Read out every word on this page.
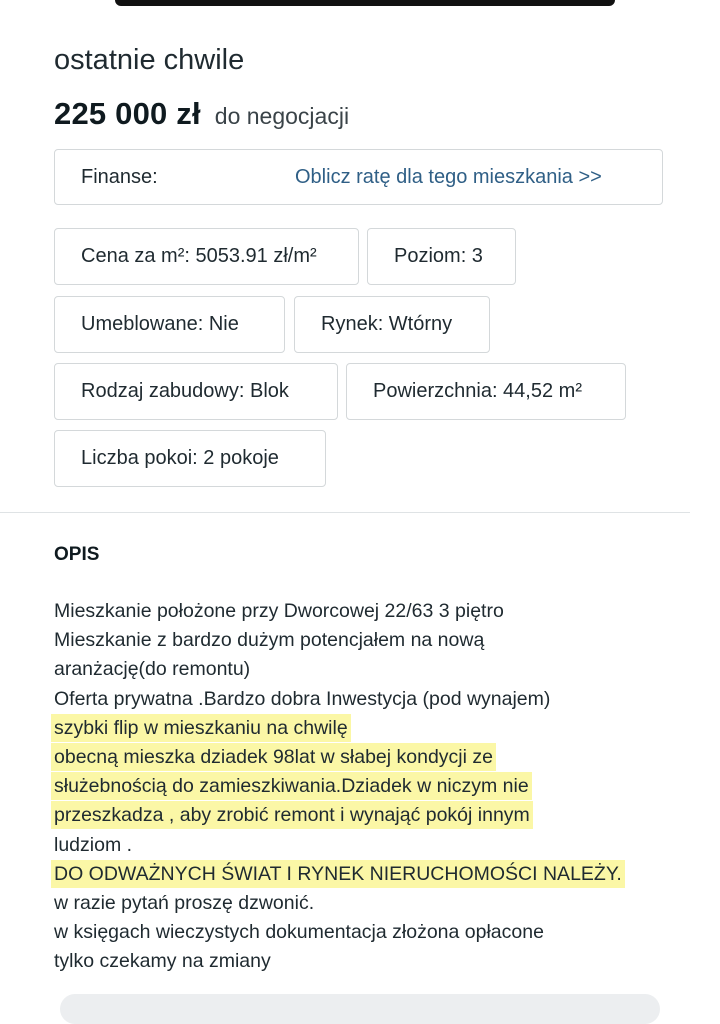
ostatnie chwile
225 000 zł do negocjacji
Finanse:	Oblicz ratę dla tego mieszkania >>
Cena za m²: 5053.91 zł/m²	Poziom: 3
Umeblowane: Nie	Rynek: Wtórny
Rodzaj zabudowy: Blok	Powierzchnia: 44,52 m²
Liczba pokoi: 2 pokoje
OPIS
Mieszkanie położone przy Dworcowej 22/63 3 piętro
Mieszkanie z bardzo dużym potencjałem na nową
aranżację(do remontu)
Oferta prywatna .Bardzo dobra Inwestycja (pod wynajem)
szybki flip w mieszkaniu na chwilę
obecną mieszka dziadek 98lat w słabej kondycji ze
służebnością do zamieszkiwania.Dziadek w niczym nie
przeszkadza , aby zrobić remont i wynająć pokój innym
ludziom .
DO ODWAŻNYCH ŚWIAT I RYNEK NIERUCHOMOŚCI NALEŻY.
w razie pytań proszę dzwonić.
w księgach wieczystych dokumentacja złożona opłacone
tylko czekamy na zmiany
